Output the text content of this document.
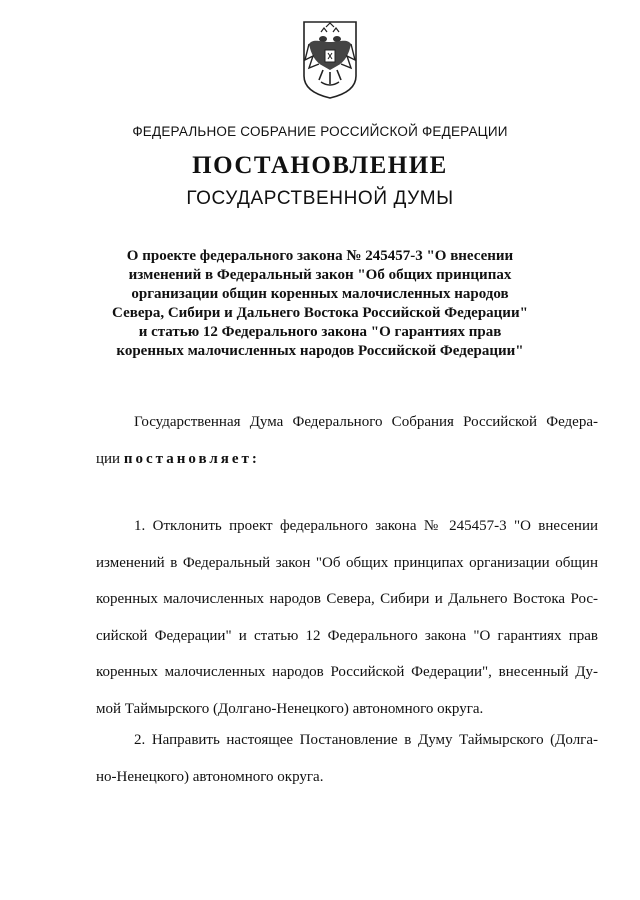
ФЕДЕРАЛЬНОЕ СОБРАНИЕ РОССИЙСКОЙ ФЕДЕРАЦИИ
ПОСТАНОВЛЕНИЕ
ГОСУДАРСТВЕННОЙ ДУМЫ
О проекте федерального закона № 245457-3 "О внесении
изменений в Федеральный закон "Об общих принципах
организации общин коренных малочисленных народов
Севера, Сибири и Дальнего Востока Российской Федерации"
и статью 12 Федерального закона "О гарантиях прав
коренных малочисленных народов Российской Федерации"
Государственная Дума Федерального Собрания Российской Федера-
ции постановляет:
1. Отклонить проект федерального закона № 245457-3 "О внесении
изменений в Федеральный закон "Об общих принципах организации общин
коренных малочисленных народов Севера, Сибири и Дальнего Востока Рос-
сийской Федерации" и статью 12 Федерального закона "О гарантиях прав
коренных малочисленных народов Российской Федерации", внесенный Ду-
мой Таймырского (Долгано-Ненецкого) автономного округа.
2. Направить настоящее Постановление в Думу Таймырского (Долга-
но-Ненецкого) автономного округа.
